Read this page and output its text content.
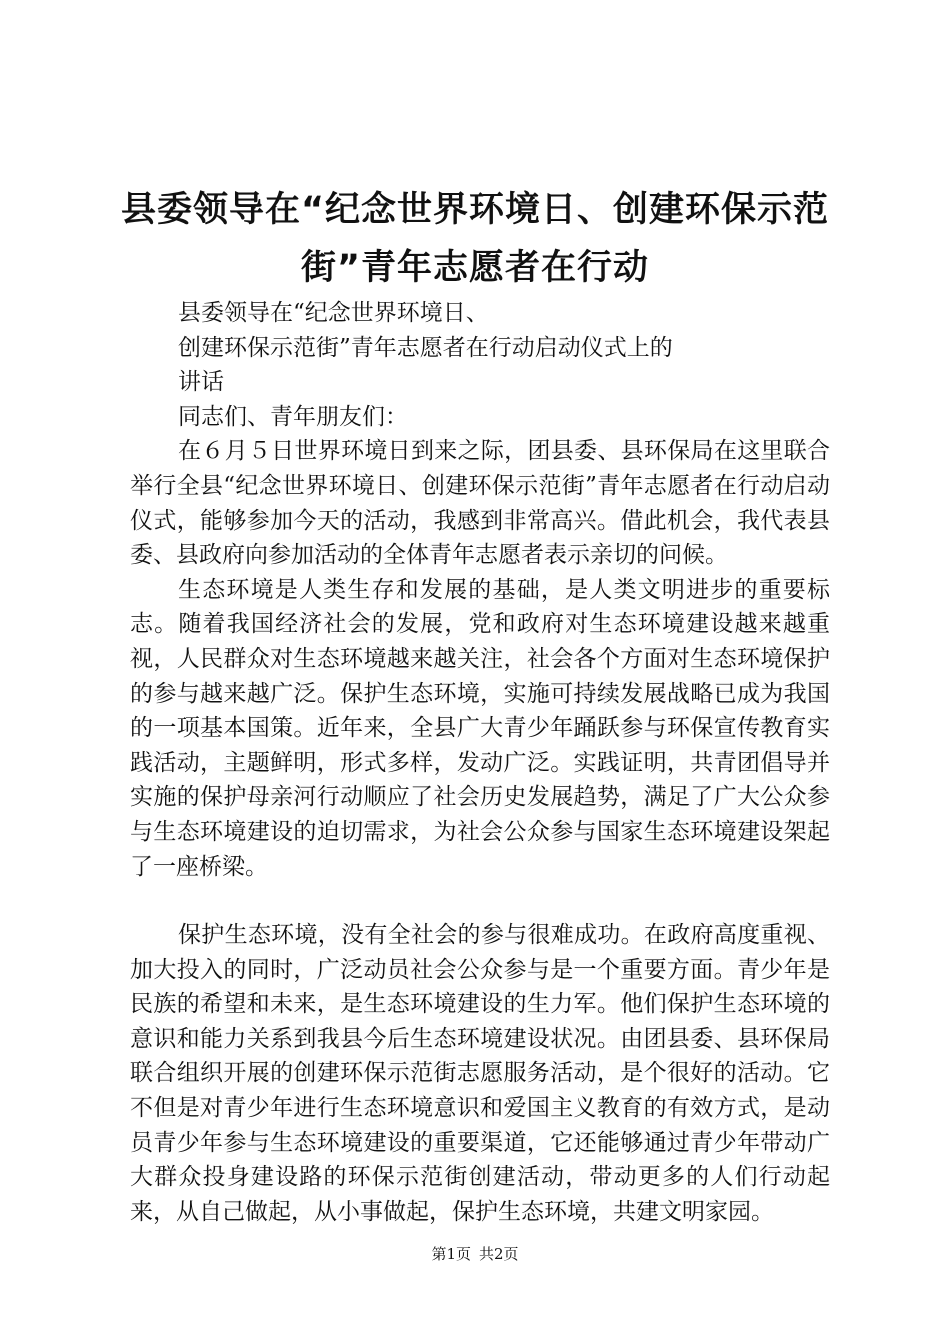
县委领导在“纪念世界环境日、创建环保示范
街”青年志愿者在行动

县委领导在“纪念世界环境日、

创建环保示范街”青年志愿者在行动启动仪式上的

讲话

同志们、青年朋友们：

在６月５日世界环境日到来之际，团县委、县环保局在这里联合举行全县“纪念世界环境日、创建环保示范街”青年志愿者在行动启动仪式，能够参加今天的活动，我感到非常高兴。借此机会，我代表县委、县政府向参加活动的全体青年志愿者表示亲切的问候。

生态环境是人类生存和发展的基础，是人类文明进步的重要标志。随着我国经济社会的发展，党和政府对生态环境建设越来越重视，人民群众对生态环境越来越关注，社会各个方面对生态环境保护的参与越来越广泛。保护生态环境，实施可持续发展战略已成为我国的一项基本国策。近年来，全县广大青少年踊跃参与环保宣传教育实践活动，主题鲜明，形式多样，发动广泛。实践证明，共青团倡导并实施的保护母亲河行动顺应了社会历史发展趋势，满足了广大公众参与生态环境建设的迫切需求，为社会公众参与国家生态环境建设架起了一座桥梁。

保护生态环境，没有全社会的参与很难成功。在政府高度重视、加大投入的同时，广泛动员社会公众参与是一个重要方面。青少年是民族的希望和未来，是生态环境建设的生力军。他们保护生态环境的意识和能力关系到我县今后生态环境建设状况。由团县委、县环保局联合组织开展的创建环保示范街志愿服务活动，是个很好的活动。它不但是对青少年进行生态环境意识和爱国主义教育的有效方式，是动员青少年参与生态环境建设的重要渠道，它还能够通过青少年带动广大群众投身建设路的环保示范街创建活动，带动更多的人们行动起来，从自己做起，从小事做起，保护生态环境，共建文明家园。

第1页 共2页
